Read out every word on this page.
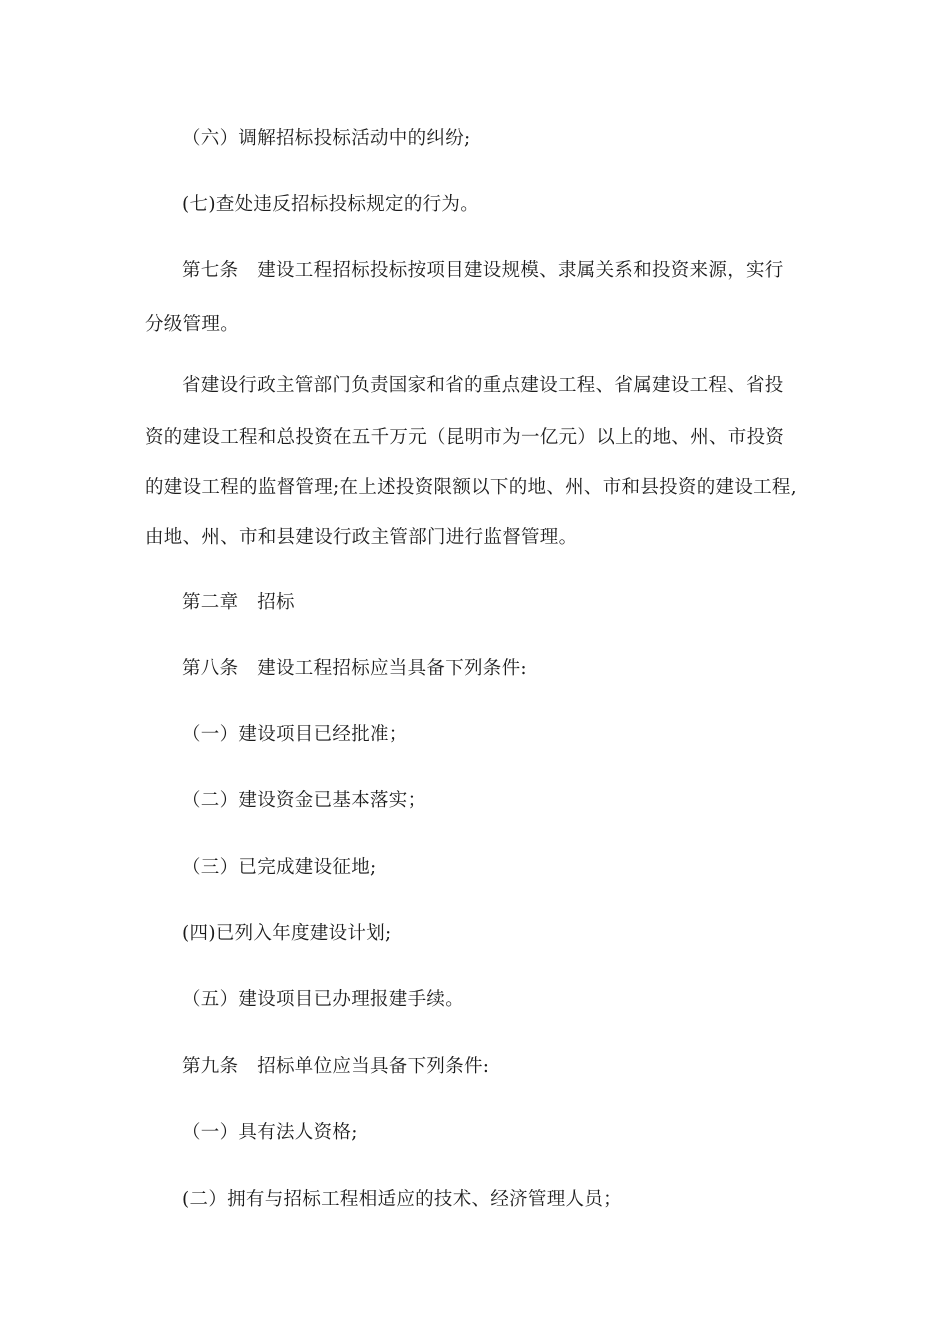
（六）调解招标投标活动中的纠纷;
(七)查处违反招标投标规定的行为。
第七条　建设工程招标投标按项目建设规模、隶属关系和投资来源，实行
分级管理。
省建设行政主管部门负责国家和省的重点建设工程、省属建设工程、省投
资的建设工程和总投资在五千万元（昆明市为一亿元）以上的地、州、市投资
的建设工程的监督管理;在上述投资限额以下的地、州、市和县投资的建设工程,
由地、州、市和县建设行政主管部门进行监督管理。
第二章　招标
第八条　建设工程招标应当具备下列条件:
（一）建设项目已经批准；
（二）建设资金已基本落实；
（三）已完成建设征地;
(四)已列入年度建设计划;
（五）建设项目已办理报建手续。
第九条　招标单位应当具备下列条件:
（一）具有法人资格;
(二）拥有与招标工程相适应的技术、经济管理人员；
